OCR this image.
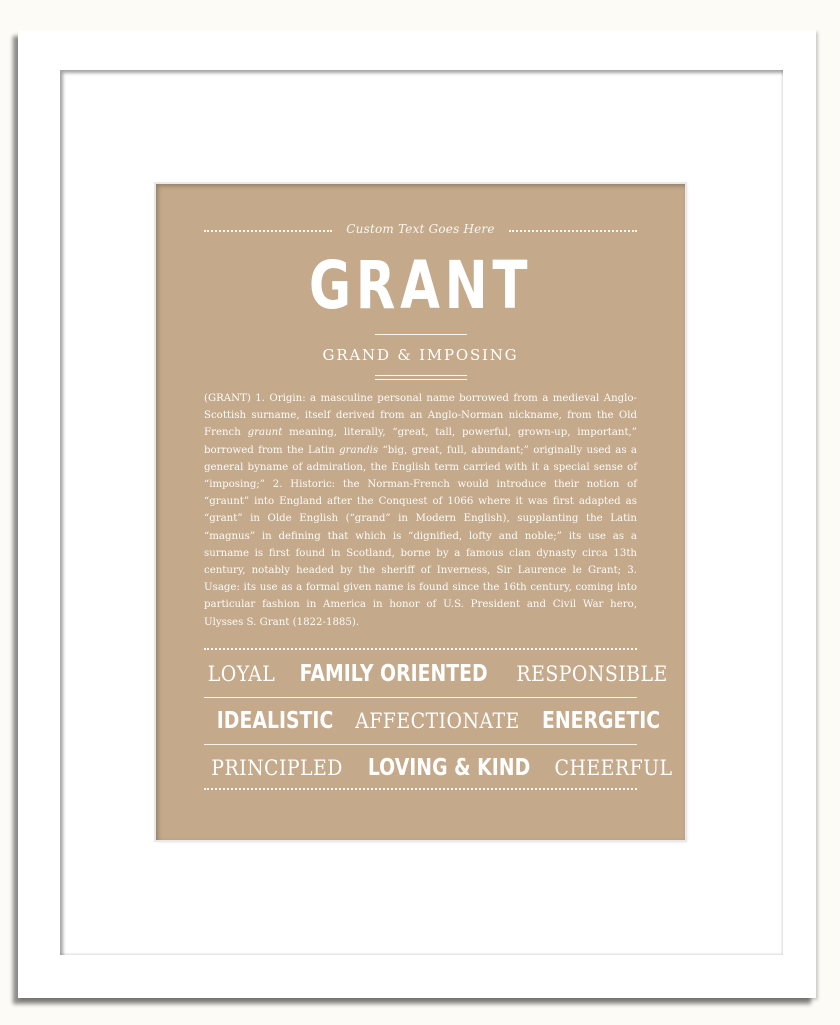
Custom Text Goes Here
GRANT
GRAND & IMPOSING
(GRANT) 1. Origin: a masculine personal name borrowed from a medieval Anglo-Scottish surname, itself derived from an Anglo-Norman nickname, from the Old French graunt meaning, literally, “great, tall, powerful, grown-up, important,” borrowed from the Latin grandis “big, great, full, abundant;” originally used as a general byname of admiration, the English term carried with it a special sense of “imposing;” 2. Historic: the Norman-French would introduce their notion of “graunt” into England after the Conquest of 1066 where it was first adapted as “grant” in Olde English (“grand” in Modern English), supplanting the Latin “magnus” in defining that which is “dignified, lofty and noble;” its use as a surname is first found in Scotland, borne by a famous clan dynasty circa 13th century, notably headed by the sheriff of Inverness, Sir Laurence le Grant; 3. Usage: its use as a formal given name is found since the 16th century, coming into particular fashion in America in honor of U.S. President and Civil War hero, Ulysses S. Grant (1822-1885).
LOYAL FAMILY ORIENTED RESPONSIBLE
IDEALISTIC AFFECTIONATE ENERGETIC
PRINCIPLED LOVING & KIND CHEERFUL
